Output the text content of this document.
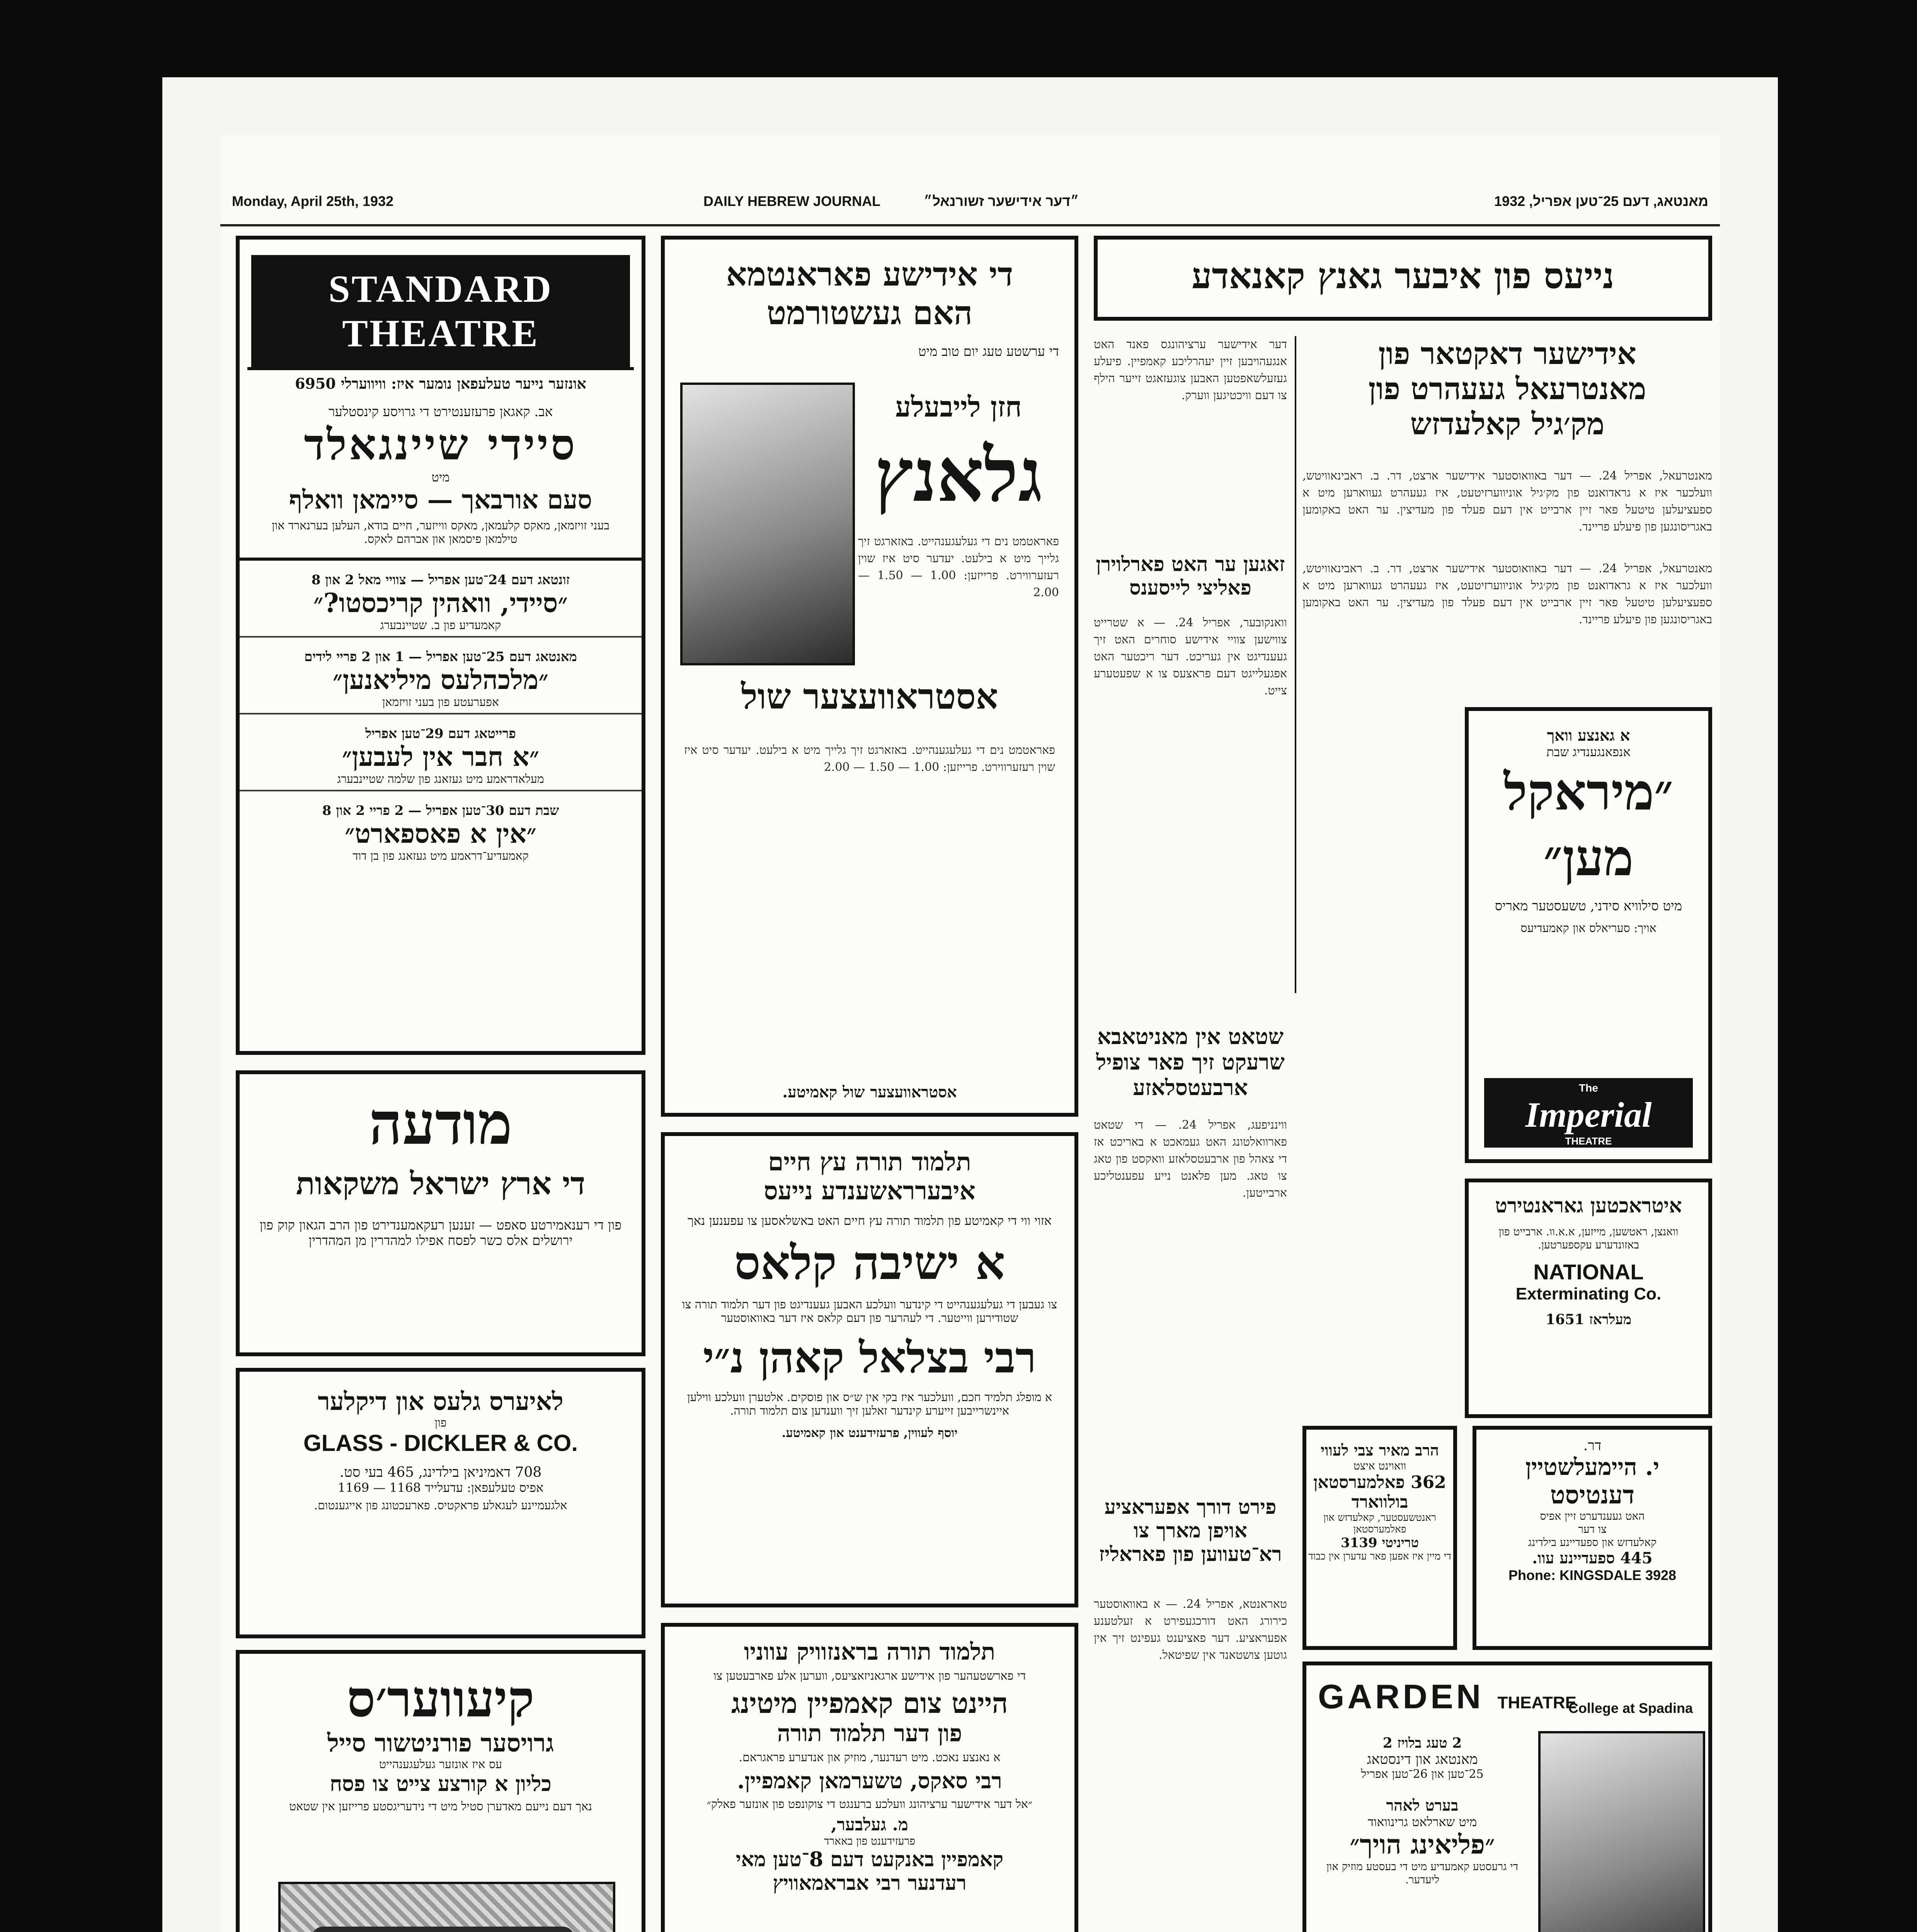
Monday, April 25th, 1932	DAILY HEBREW JOURNAL	״דער אידישער זשורנאל״	מאנטאג, דעם 25־טען אפריל, 1932
STANDARD THEATRE
אונזער נייער טעלעפאן נומער איז: וויווערלי 6950
אב. קאגאן פרעזענטירט די גרויסע קינסטלער
סיידי שיינגאלד
מיט
סעם אורבאך — סיימאן וואלף
בעני זויזמאן, מאקס קלעמאן, מאקס ווייזער, חיים בודא, העלען בערנארד און טילמאן פיסמאן און אברהם לאקס.
זונטאג דעם 24־טען אפריל — צוויי מאל 2 און 8
״סיידי, וואהין קריכסטו?״
קאמעדיע פון ב. שטיינבערג
מאנטאג דעם 25־טען אפריל — 1 און 2 פריי לידים
״מלכהלעס מיליאנען״
אפערעטע פון בעני זויזמאן
פרייטאג דעם 29־טען אפריל
״א חבר אין לעבען״
מעלאדראמע מיט געזאנג פון שלמה שטיינבערג
שבת דעם 30־טען אפריל — 2 פריי 2 און 8
״אין א פאספארט״
קאמעדיע־דראמע מיט געזאנג פון בן דוד
די אידישע פאראנטמא
האם געשטורמט
די ערשטע טעג יום טוב מיט
חזן לייבעלע
גלאנץ
פאראטמט נים די געלעגענהייט. באזארגט זיך גלייך מיט א בילעט. יעדער סיט איז שוין רעזערווירט. פרייזען: 1.00 — 1.50 — 2.00
אסטראוועצער שול
פאראטמט נים די געלעגענהייט. באזארגט זיך גלייך מיט א בילעט. יעדער סיט איז שוין רעזערווירט. פרייזען: 1.00 — 1.50 — 2.00
אסטראוועצער שול קאמיטע.
נייעס פון איבער גאנץ קאנאדע
אידישער דאקטאר פון
מאנטרעאל געעהרט פון
מק׳גיל קאלעדזש
מאנטרעאל, אפריל 24. — דער באוואוסטער אידישער ארצט, דר. ב. ראבינאוויטש, וועלכער איז א גראדואנט פון מק׳גיל אוניווערזיטעט, איז געעהרט געווארען מיט א ספעציעלען טיטעל פאר זיין ארבייט אין דעם פעלד פון מעדיצין. ער האט באקומען באגריסונגען פון פיעלע פריינד.
דער אידישער ערציהונגס פאנד האט אנגעהויבען זיין יעהרליכע קאמפיין. פיעלע געזעלשאפטען האבען צוגעזאגט זייער הילף צו דעם וויכטיגען ווערק.
זאגען ער האט פארלוירן פאליצי לייסענס
וואנקובער, אפריל 24. — א שטרייט צווישען צוויי אידישע סוחרים האט זיך געענדיגט אין געריכט. דער ריכטער האט אפגעלייגט דעם פראצעס צו א שפעטערע צייט.
שטאט אין מאניטאבא שרעקט זיך פאר צופיל ארבעטסלאזע
ווינניפעג, אפריל 24. — די שטאט פארוואלטונג האט געמאכט א באריכט אז די צאהל פון ארבעטסלאזע וואקסט פון טאג צו טאג. מען פלאנט נייע עפענטליכע ארבייטען.
פירט דורך אפעראציע אויפן מארך צו רא־טעווען פון פאראליז
טאראנטא, אפריל 24. — א באוואוסטער כירורג האט דורכגעפירט א זעלטענע אפעראציע. דער פאציענט געפינט זיך אין גוטען צושטאנד אין שפיטאל.
מאנטרעאל, אפריל 24. — דער באוואוסטער אידישער ארצט, דר. ב. ראבינאוויטש, וועלכער איז א גראדואנט פון מק׳גיל אוניווערזיטעט, איז געעהרט געווארען מיט א ספעציעלען טיטעל פאר זיין ארבייט אין דעם פעלד פון מעדיצין. ער האט באקומען באגריסונגען פון פיעלע פריינד.
א גאנצע וואך
אנפאנגענדיג שבת
״מיראקל
מען״
מיט סילוויא סידני, טשעסטער מאריס
אויך: סעריאלס און קאמעדיעס
The
Imperial
THEATRE
מודעה
די ארץ ישראל משקאות
פון די רענאמירטע סאפט — זענען רעקאמענדירט פון הרב הגאון קוק פון ירושלים אלס כשר לפסח אפילו למהדרין מן המהדרין
תלמוד תורה עץ חיים
איבערראשענדע נייעס
אזוי ווי די קאמיטע פון תלמוד תורה עץ חיים האט באשלאסען צו עפענען נאך
א ישיבה קלאס
צו געבען די געלעגענהייט די קינדער וועלכע האבען געענדיגט פון דער תלמוד תורה צו שטודירען ווייטער. די לעהרער פון דעם קלאס איז דער באוואוסטער
רבי בצלאל קאהן נ״י
א מופלג תלמיד חכם, וועלכער איז בקי אין ש״ס און פוסקים. אלטערן וועלכע ווילען איינשרייבען זייערע קינדער זאלען זיך ווענדען צום תלמוד תורה.
יוסף לעווין, פרעזידענט און קאמיטע.
איטראכטען גאראנטירט
וואנצן, ראטשען, מייזען, א.א.וו. ארבייט פון באזונדערע עקספערטען.
NATIONAL
Exterminating Co.
מעלראז 1651
לאיערס גלעס און דיקלער
פון
GLASS - DICKLER & CO.
708 דאמיניאן בילדינג, 465 בעי סט.
אפיס טעלעפאן: עדעלייד 1168 — 1169
אלגעמיינע לעגאלע פראקטיס. פארעכטונג פון אייגענטום.
הרב מאיר צבי לעווי
וואוינט איצט
362 פאלמערסטאן בולווארד
ראנטשעסטער, קאלעדזש און פאלמערסטאן
טריניטי 3139
די מיין איז אפען פאר עדערן אין כבוד
דר.
י. היימעלשטיין
דענטיסט
האט געענדערט זיין אפיס
צו דער
קאלעדזש און ספעדיינע בילדינג
445 ספעדיינע עוו.
Phone: KINGSDALE 3928
קיעווער׳ס
גרויסער פורניטשור סייל
עס איז אונזער געלעגענהייט
כליון א קורצע צייט צו פסח
נאך דעם נייעם מאדערן סטיל מיט די נידעריגסטע פרייזען אין שטאט
תלמוד תורה בראנזוויק עווניו
די פארשטעהער פון אידישע ארגאניזאציעס, ווערען אלע פארבעטען צו
היינט צום קאמפיין מיטינג
פון דער תלמוד תורה
א נאנצע נאכט. מיט רעדנער, מוזיק און אנדערע פראגראם.
רבי סאקס, טשערמאן קאמפיין.
״אל דער אידישער ערציהונג וועלכע ברענגט די צוקונפט פון אונזער פאלק״
מ. געלבער,
פרעזידענט פון באארד
קאמפיין באנקעט דעם 8־טען מאי
רעדנער רבי אבראמאוויץ
GARDEN THEATRE
College at Spadina
2 טעג בלויז 2
מאנטאג און דינסטאג
25־טען און 26־טען אפריל
בערט לאהר
מיט שארלאט גרינוואוד
״פליאינג הויך״
די גרעסטע קאמעדיע מיט די בעסטע מוזיק און ליעדער.
